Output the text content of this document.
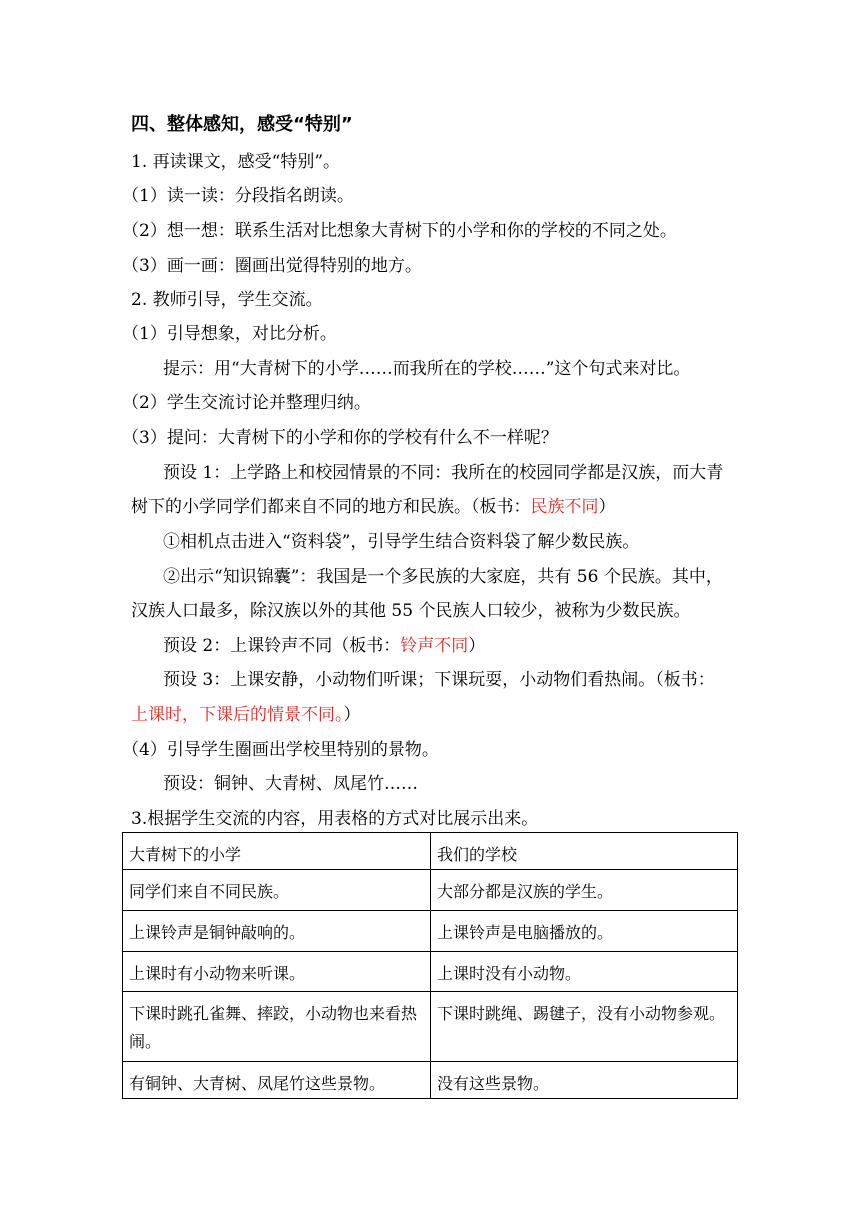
四、整体感知，感受“特别”
1. 再读课文，感受“特别”。
（1）读一读：分段指名朗读。
（2）想一想：联系生活对比想象大青树下的小学和你的学校的不同之处。
（3）画一画：圈画出觉得特别的地方。
2. 教师引导，学生交流。
（1）引导想象，对比分析。
提示：用“大青树下的小学……而我所在的学校……”这个句式来对比。
（2）学生交流讨论并整理归纳。
（3）提问：大青树下的小学和你的学校有什么不一样呢？
预设 1：上学路上和校园情景的不同：我所在的校园同学都是汉族，而大青
树下的小学同学们都来自不同的地方和民族。（板书：民族不同）
①相机点击进入“资料袋”，引导学生结合资料袋了解少数民族。
②出示“知识锦囊”：我国是一个多民族的大家庭，共有 56 个民族。其中，
汉族人口最多，除汉族以外的其他 55 个民族人口较少，被称为少数民族。
预设 2：上课铃声不同（板书：铃声不同）
预设 3：上课安静，小动物们听课；下课玩耍，小动物们看热闹。（板书：
上课时，下课后的情景不同。）
（4）引导学生圈画出学校里特别的景物。
预设：铜钟、大青树、凤尾竹……
3.根据学生交流的内容，用表格的方式对比展示出来。
大青树下的小学	我们的学校
同学们来自不同民族。	大部分都是汉族的学生。
上课铃声是铜钟敲响的。	上课铃声是电脑播放的。
上课时有小动物来听课。	上课时没有小动物。
下课时跳孔雀舞、摔跤，小动物也来看热闹。	下课时跳绳、踢毽子，没有小动物参观。
有铜钟、大青树、凤尾竹这些景物。	没有这些景物。
